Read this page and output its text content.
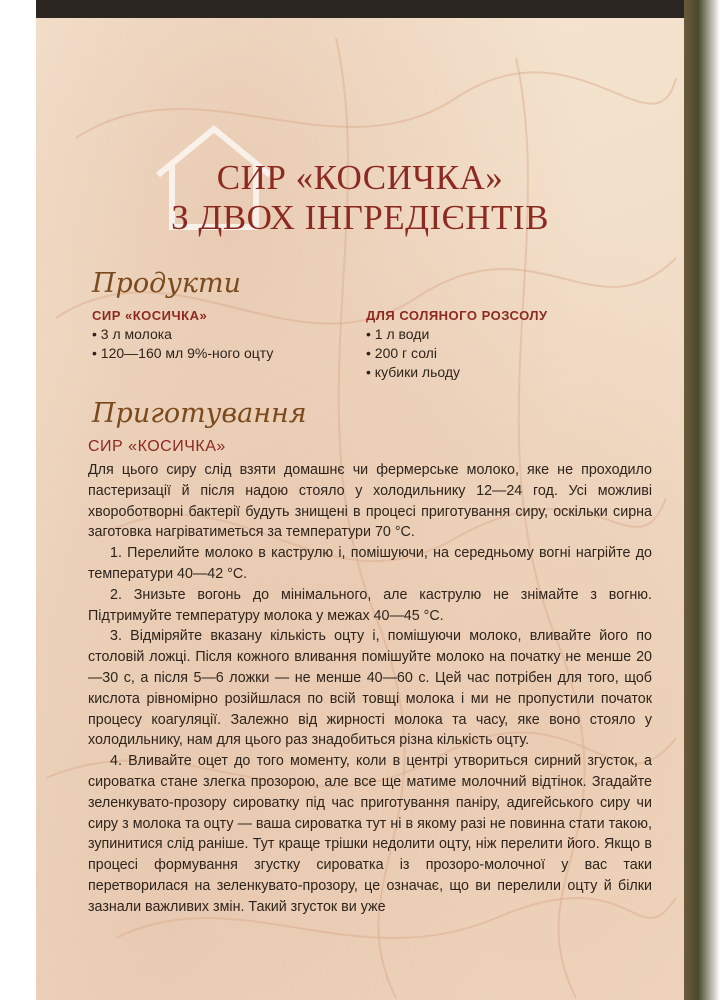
СИР «КОСИЧКА»
З ДВОХ ІНГРЕДІЄНТІВ
Продукти
СИР «КОСИЧКА»
• 3 л молока
• 120—160 мл 9%-ного оцту
ДЛЯ СОЛЯНОГО РОЗСОЛУ
• 1 л води
• 200 г солі
• кубики льоду
Приготування
СИР «КОСИЧКА»

Для цього сиру слід взяти домашнє чи фермерське молоко, яке не проходило пастеризації й після надою стояло у холодильнику 12—24 год. Усі можливі хвороботворні бактерії будуть знищені в процесі приготування сиру, оскільки сирна заготовка нагріватиметься за температури 70 °С.

1. Перелийте молоко в каструлю і, помішуючи, на середньому вогні нагрійте до температури 40—42 °С.

2. Знизьте вогонь до мінімального, але каструлю не знімайте з вогню. Підтримуйте температуру молока у межах 40—45 °С.

3. Відміряйте вказану кількість оцту і, помішуючи молоко, вливайте його по столовій ложці. Після кожного вливання помішуйте молоко на початку не менше 20—30 с, а після 5—6 ложки — не менше 40—60 с. Цей час потрібен для того, щоб кислота рівномірно розійшлася по всій товщі молока і ми не пропустили початок процесу коагуляції. Залежно від жирності молока та часу, яке воно стояло у холодильнику, нам для цього раз знадобиться різна кількість оцту.

4. Вливайте оцет до того моменту, коли в центрі утвориться сирний згусток, а сироватка стане злегка прозорою, але все ще матиме молочний відтінок. Згадайте зеленкувато-прозору сироватку під час приготування паніру, адигейського сиру чи сиру з молока та оцту — ваша сироватка тут ні в якому разі не повинна стати такою, зупинитися слід раніше. Тут краще трішки недолити оцту, ніж перелити його. Якщо в процесі формування згустку сироватка із прозоро-молочної у вас таки перетворилася на зеленкувато-прозору, це означає, що ви перелили оцту й білки зазнали важливих змін. Такий згусток ви уже
